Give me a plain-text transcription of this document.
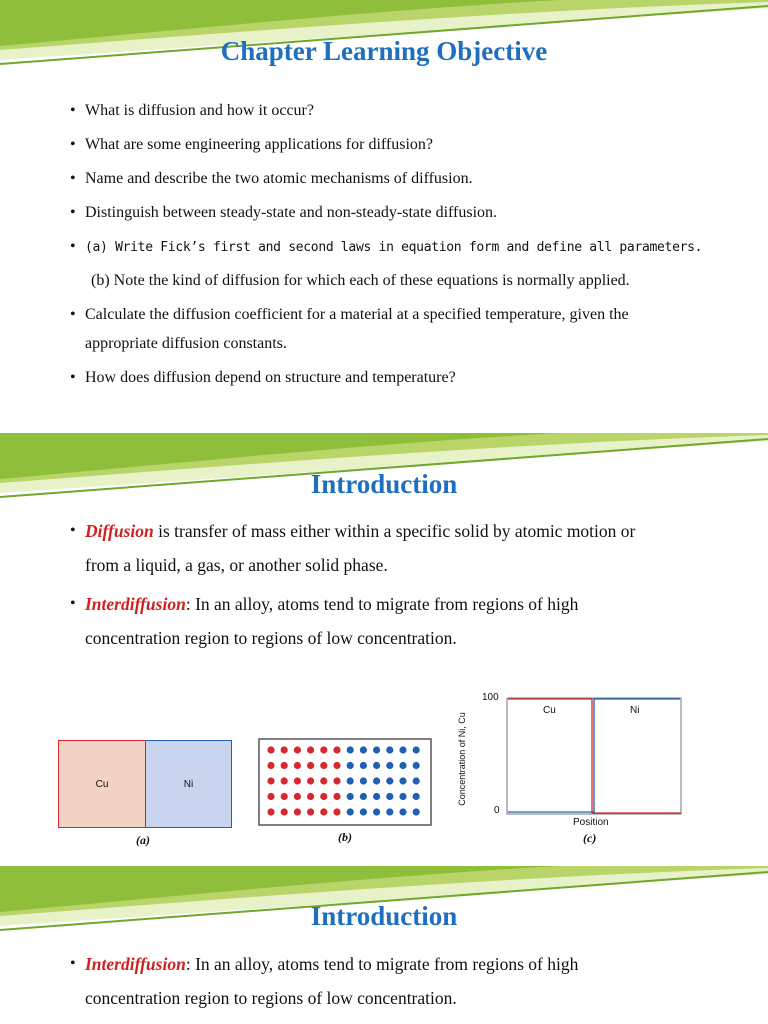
Chapter Learning Objective
• What is diffusion and how it occur?
• What are some engineering applications for diffusion?
• Name and describe the two atomic mechanisms of diffusion.
• Distinguish between steady-state and non-steady-state diffusion.
• (a) Write Fick’s first and second laws in equation form and define all parameters.
(b) Note the kind of diffusion for which each of these equations is normally applied.
• Calculate the diffusion coefficient for a material at a specified temperature, given the
appropriate diffusion constants.
• How does diffusion depend on structure and temperature?
Introduction
• Diffusion is transfer of mass either within a specific solid by atomic motion or
from a liquid, a gas, or another solid phase.
• Interdiffusion: In an alloy, atoms tend to migrate from regions of high
concentration region to regions of low concentration.
Cu	Ni
(a)	(b)
Concentration of Ni, Cu
100
0
Cu	Ni
Position
(c)
Introduction
• Interdiffusion: In an alloy, atoms tend to migrate from regions of high
concentration region to regions of low concentration.
